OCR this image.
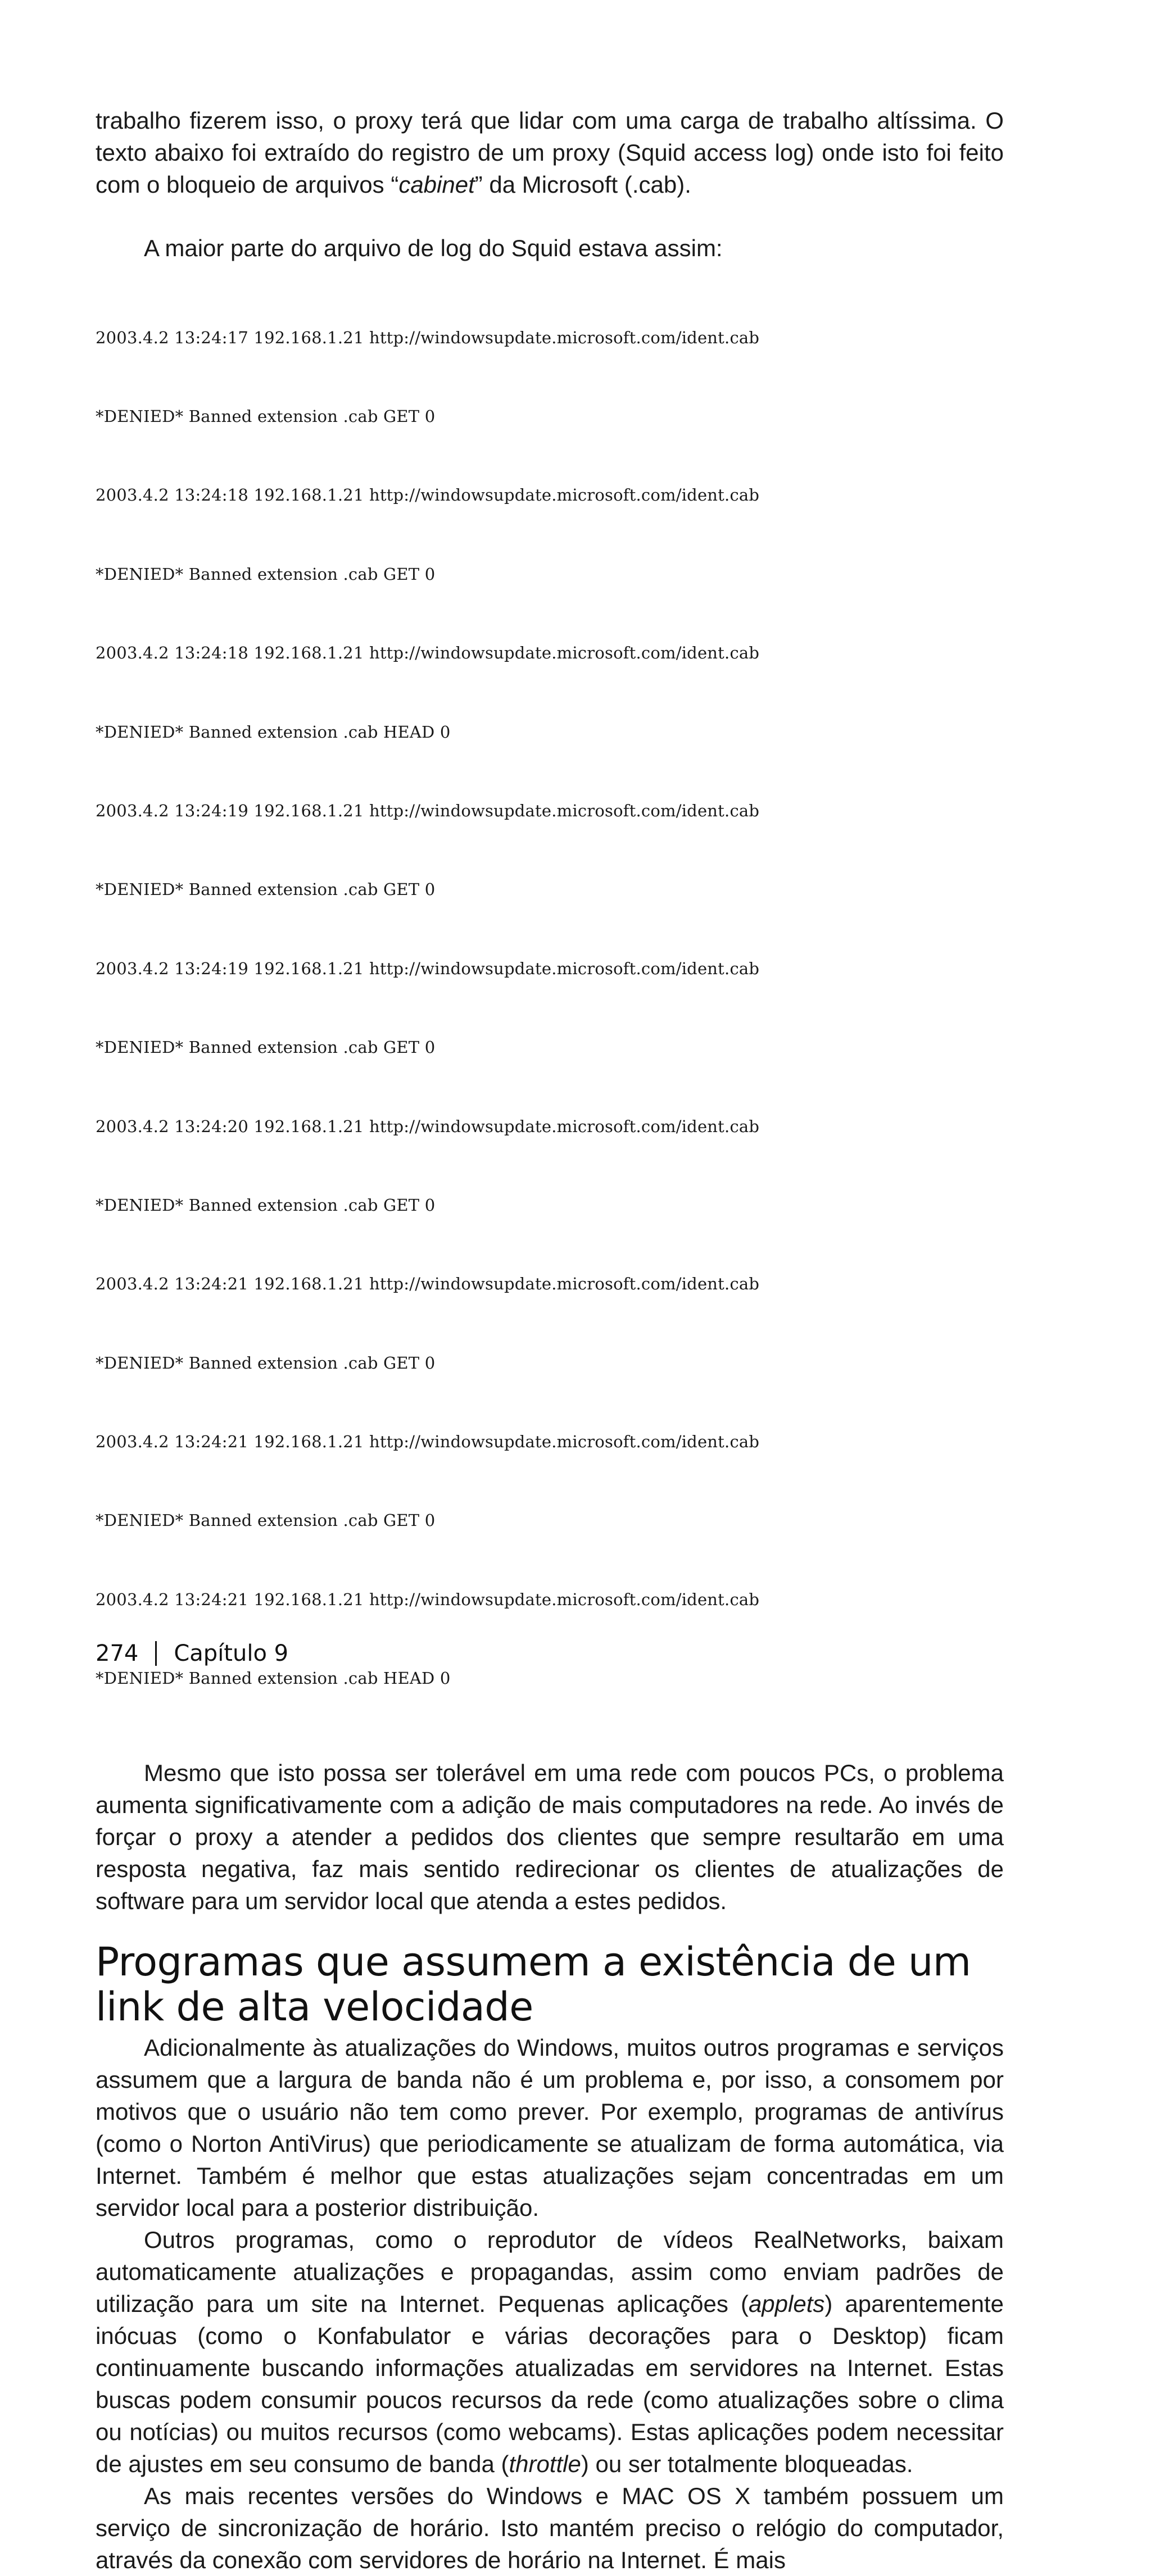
trabalho fizerem isso, o proxy terá que lidar com uma carga de trabalho altíssima. O texto abaixo foi extraído do registro de um proxy (Squid access log) onde isto foi feito com o bloqueio de arquivos “cabinet” da Microsoft (.cab).

A maior parte do arquivo de log do Squid estava assim:

2003.4.2 13:24:17 192.168.1.21 http://windowsupdate.microsoft.com/ident.cab

*DENIED* Banned extension .cab GET 0

2003.4.2 13:24:18 192.168.1.21 http://windowsupdate.microsoft.com/ident.cab

*DENIED* Banned extension .cab GET 0

2003.4.2 13:24:18 192.168.1.21 http://windowsupdate.microsoft.com/ident.cab

*DENIED* Banned extension .cab HEAD 0

2003.4.2 13:24:19 192.168.1.21 http://windowsupdate.microsoft.com/ident.cab

*DENIED* Banned extension .cab GET 0

2003.4.2 13:24:19 192.168.1.21 http://windowsupdate.microsoft.com/ident.cab

*DENIED* Banned extension .cab GET 0

2003.4.2 13:24:20 192.168.1.21 http://windowsupdate.microsoft.com/ident.cab

*DENIED* Banned extension .cab GET 0

2003.4.2 13:24:21 192.168.1.21 http://windowsupdate.microsoft.com/ident.cab

*DENIED* Banned extension .cab GET 0

2003.4.2 13:24:21 192.168.1.21 http://windowsupdate.microsoft.com/ident.cab

*DENIED* Banned extension .cab GET 0

2003.4.2 13:24:21 192.168.1.21 http://windowsupdate.microsoft.com/ident.cab

*DENIED* Banned extension .cab HEAD 0

Mesmo que isto possa ser tolerável em uma rede com poucos PCs, o problema aumenta significativamente com a adição de mais computadores na rede. Ao invés de forçar o proxy a atender a pedidos dos clientes que sempre resultarão em uma resposta negativa, faz mais sentido redirecionar os clientes de atualizações de software para um servidor local que atenda a estes pedidos.

Programas que assumem a existência de um link de alta velocidade

Adicionalmente às atualizações do Windows, muitos outros programas e serviços assumem que a largura de banda não é um problema e, por isso, a consomem por motivos que o usuário não tem como prever. Por exemplo, programas de antivírus (como o Norton AntiVirus) que periodicamente se atualizam de forma automática, via Internet. Também é melhor que estas atualizações sejam concentradas em um servidor local para a posterior distribuição.

Outros programas, como o reprodutor de vídeos RealNetworks, baixam automaticamente atualizações e propagandas, assim como enviam padrões de utilização para um site na Internet. Pequenas aplicações (applets) aparentemente inócuas (como o Konfabulator e várias decorações para o Desktop) ficam continuamente buscando informações atualizadas em servidores na Internet. Estas buscas podem consumir poucos recursos da rede (como atualizações sobre o clima ou notícias) ou muitos recursos (como webcams). Estas aplicações podem necessitar de ajustes em seu consumo de banda (throttle) ou ser totalmente bloqueadas.

As mais recentes versões do Windows e MAC OS X também possuem um serviço de sincronização de horário. Isto mantém preciso o relógio do computador, através da conexão com servidores de horário na Internet. É mais

274 Capítulo 9
